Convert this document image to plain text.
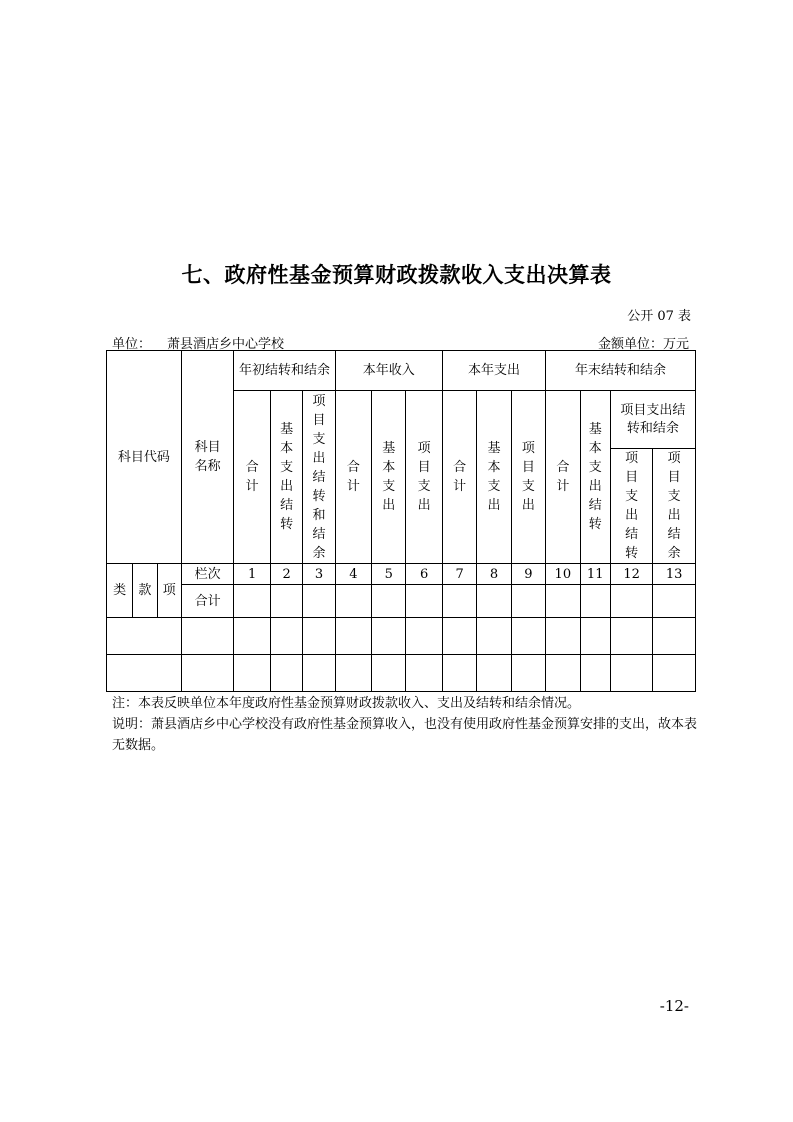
七、政府性基金预算财政拨款收入支出决算表
公开 07 表
单位： 萧县酒店乡中心学校	金额单位：万元
科目代码			科目名称	年初结转和结余			本年收入			本年支出			年末结转和结余			
				合计	基本支出结转	项目支出结转和结余	合计	基本支出	项目支出	合计	基本支出	项目支出	合计	基本支出结转	项目支出结转和结余	
															项目支出结转	项目支出结余
类	款	项	栏次	1	2	3	4	5	6	7	8	9	10	11	12	13
			合计													

注：本表反映单位本年度政府性基金预算财政拨款收入、支出及结转和结余情况。

说明：萧县酒店乡中心学校没有政府性基金预算收入，也没有使用政府性基金预算安排的支出，故本表无数据。

-12-
